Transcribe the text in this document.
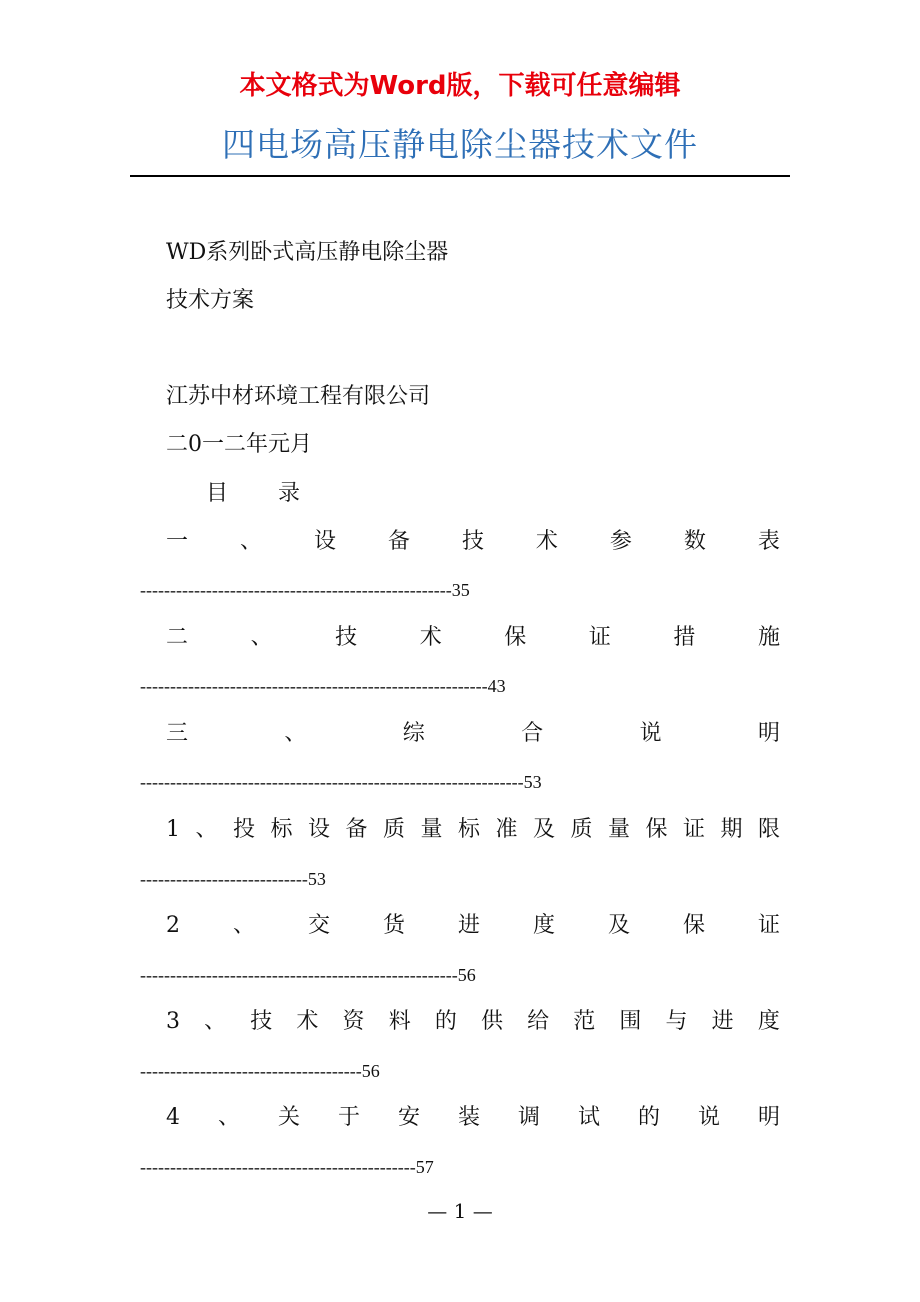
本文格式为Word版，下载可任意编辑
四电场高压静电除尘器技术文件
WD系列卧式高压静电除尘器
技术方案
江苏中材环境工程有限公司
二0一二年元月
目 录
一 、 设 备 技 术 参 数 表
----------------------------------------------------35
二	、	技	术	保	证	措	施
----------------------------------------------------------43
三	、	综	合	说	明
----------------------------------------------------------------53
1 、 投 标 设 备 质 量 标 准 及 质 量 保 证 期 限
----------------------------53
2 、 交 货 进 度 及 保 证
-----------------------------------------------------56
3 、 技 术 资 料 的 供 给 范 围 与 进 度
-------------------------------------56
4 、 关 于 安 装 调 试 的 说 明
----------------------------------------------57
— 1 —
